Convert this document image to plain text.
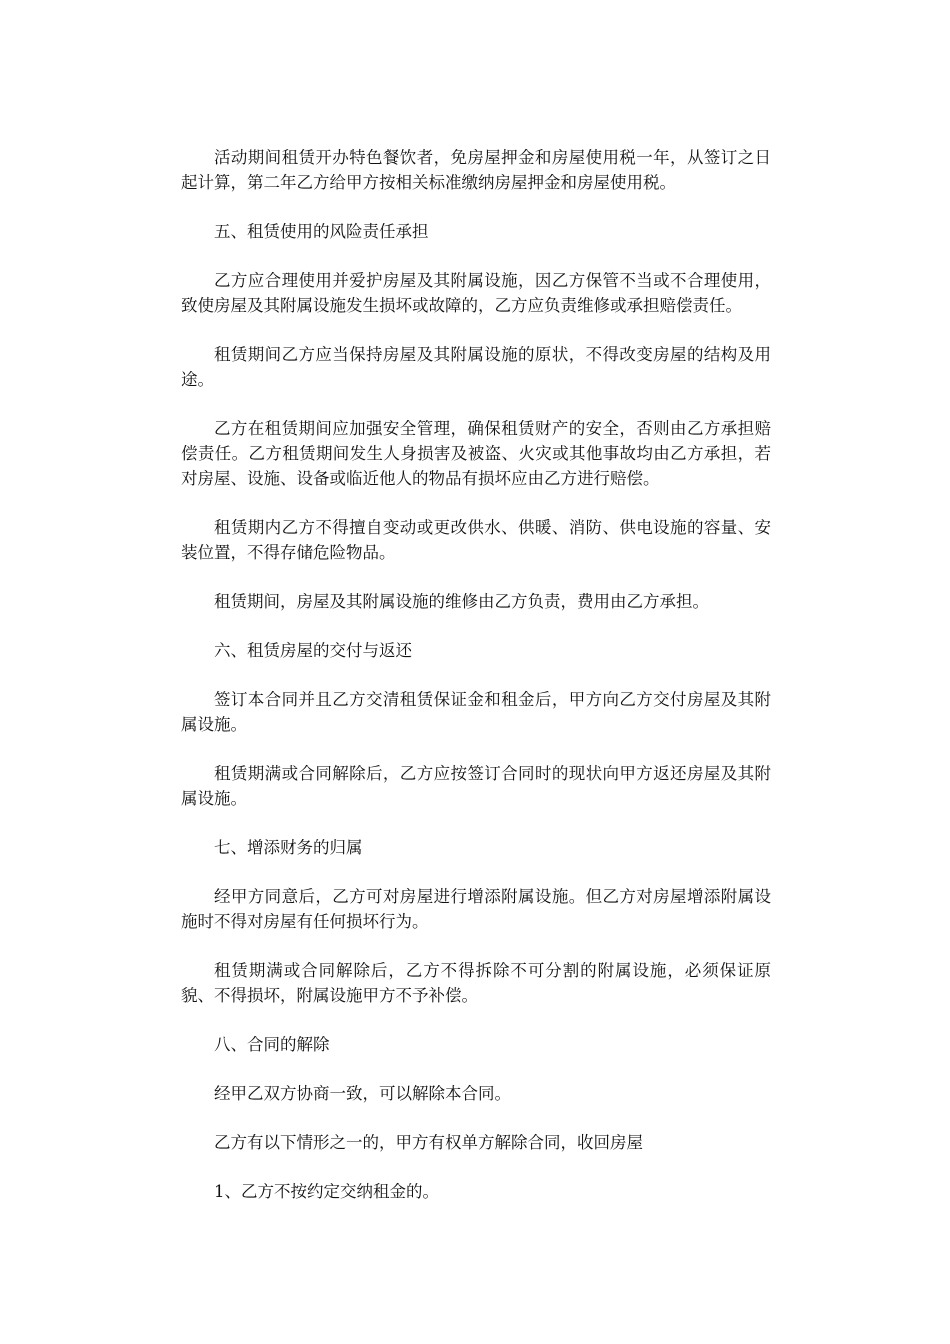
活动期间租赁开办特色餐饮者，免房屋押金和房屋使用税一年，从签订之日起计算，第二年乙方给甲方按相关标准缴纳房屋押金和房屋使用税。

五、租赁使用的风险责任承担

乙方应合理使用并爱护房屋及其附属设施，因乙方保管不当或不合理使用，致使房屋及其附属设施发生损坏或故障的，乙方应负责维修或承担赔偿责任。

租赁期间乙方应当保持房屋及其附属设施的原状，不得改变房屋的结构及用途。

乙方在租赁期间应加强安全管理，确保租赁财产的安全，否则由乙方承担赔偿责任。乙方租赁期间发生人身损害及被盗、火灾或其他事故均由乙方承担，若对房屋、设施、设备或临近他人的物品有损坏应由乙方进行赔偿。

租赁期内乙方不得擅自变动或更改供水、供暖、消防、供电设施的容量、安装位置，不得存储危险物品。

租赁期间，房屋及其附属设施的维修由乙方负责，费用由乙方承担。

六、租赁房屋的交付与返还

签订本合同并且乙方交清租赁保证金和租金后，甲方向乙方交付房屋及其附属设施。

租赁期满或合同解除后，乙方应按签订合同时的现状向甲方返还房屋及其附属设施。

七、增添财务的归属

经甲方同意后，乙方可对房屋进行增添附属设施。但乙方对房屋增添附属设施时不得对房屋有任何损坏行为。

租赁期满或合同解除后，乙方不得拆除不可分割的附属设施，必须保证原貌、不得损坏，附属设施甲方不予补偿。

八、合同的解除

经甲乙双方协商一致，可以解除本合同。

乙方有以下情形之一的，甲方有权单方解除合同，收回房屋

1、乙方不按约定交纳租金的。
